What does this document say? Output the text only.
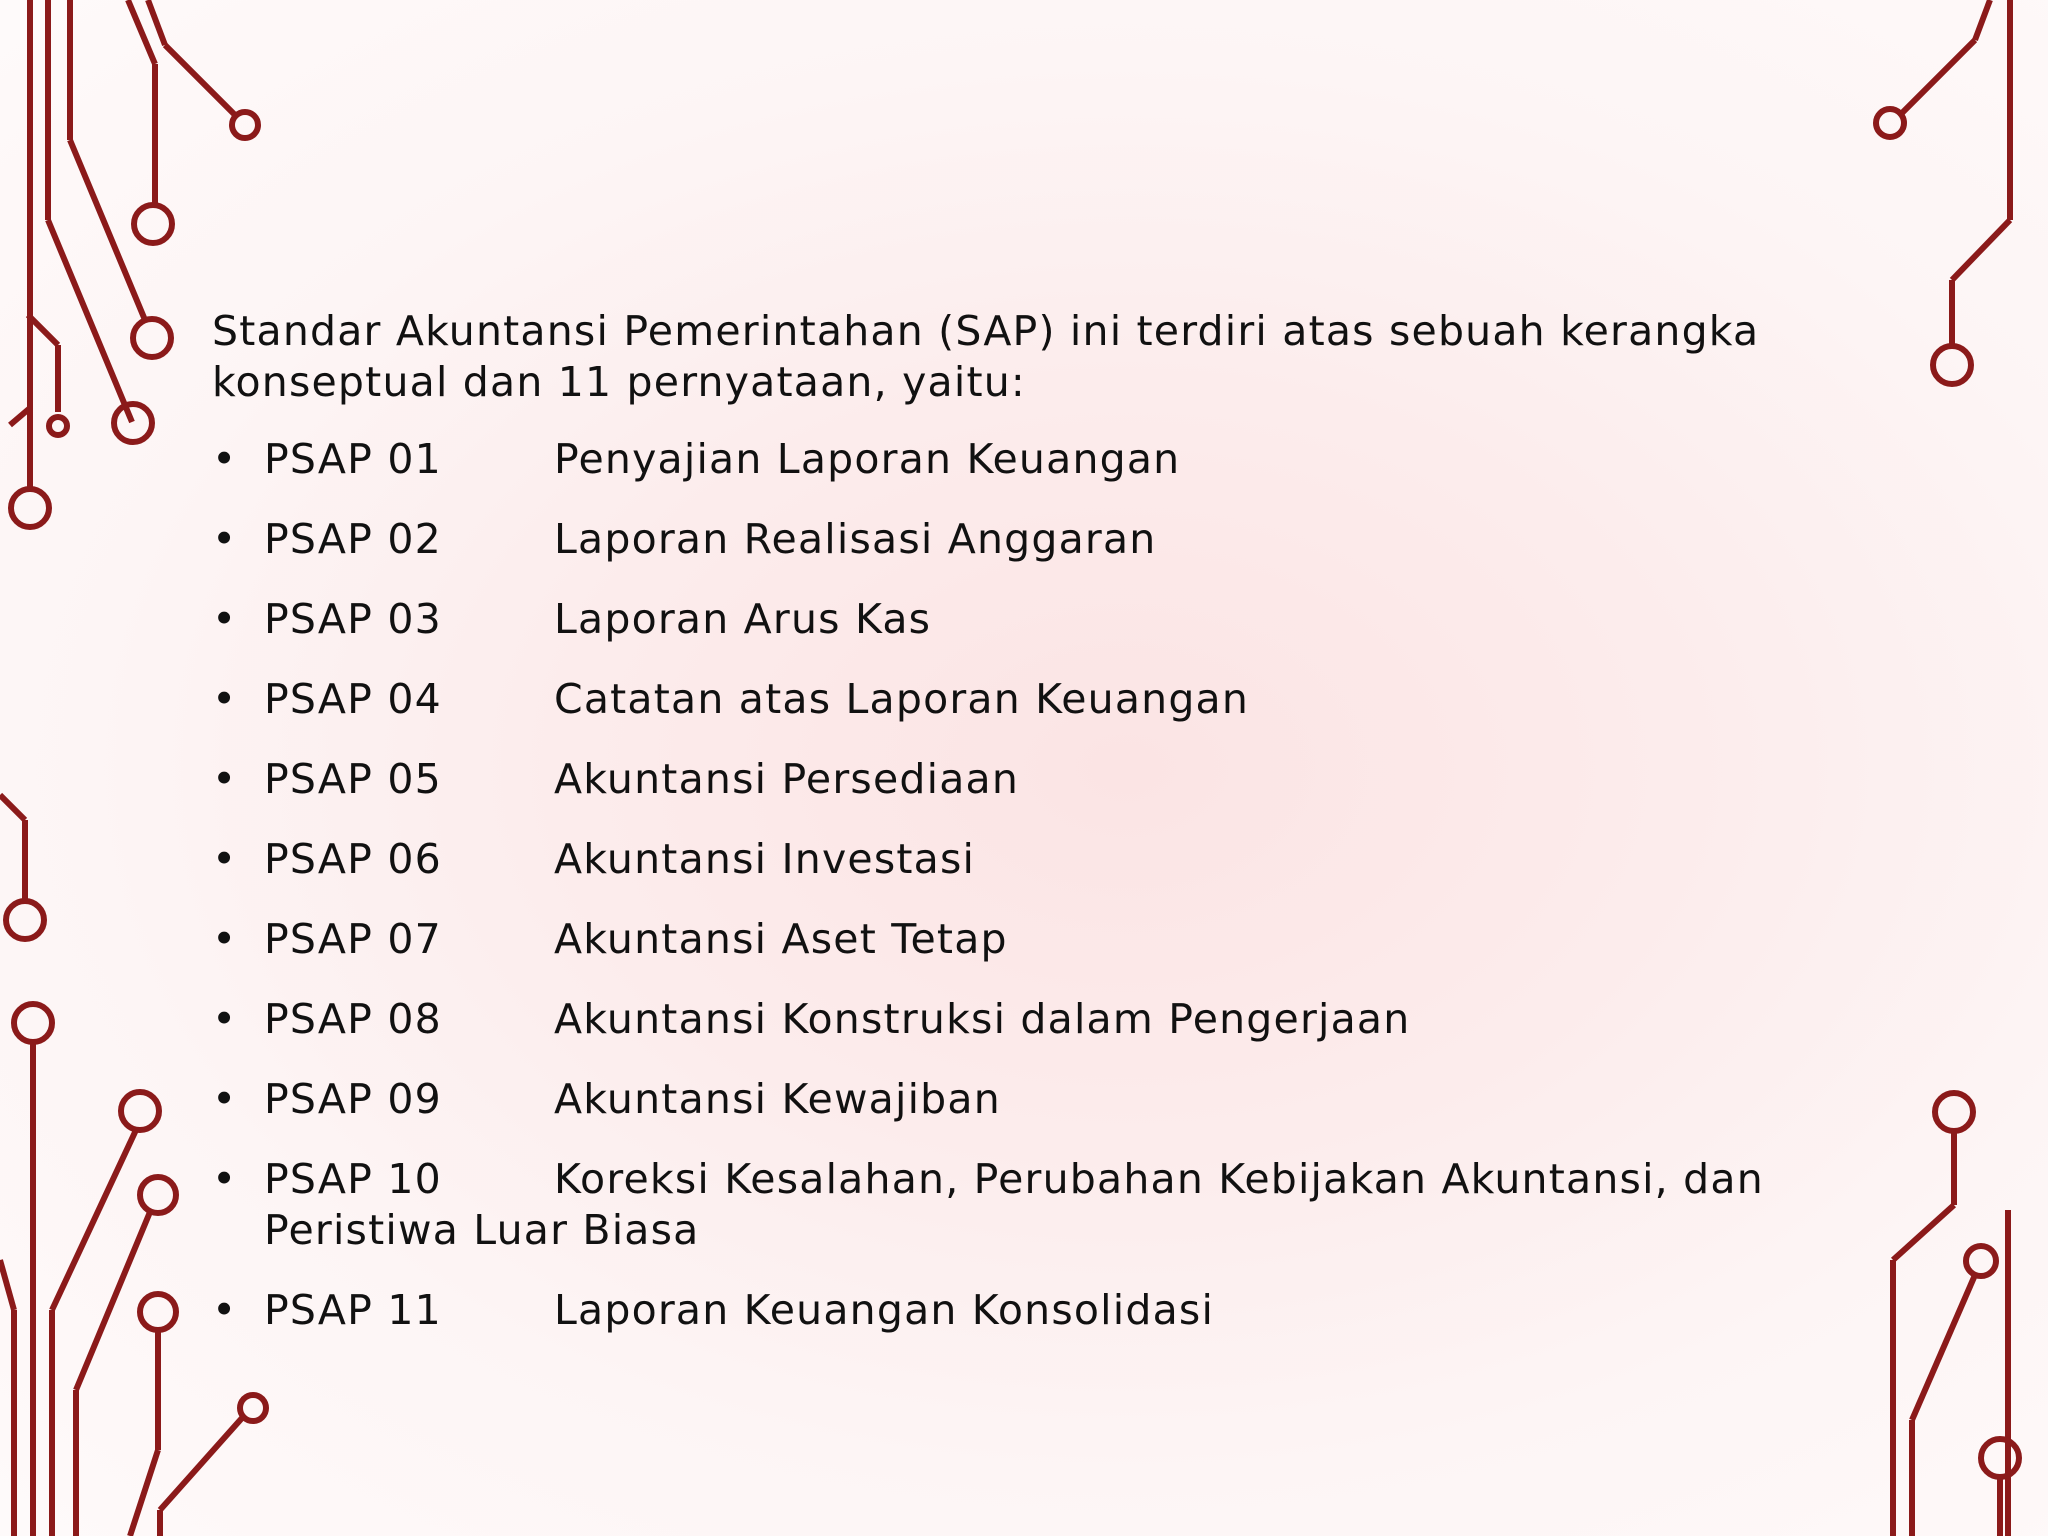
Standar Akuntansi Pemerintahan (SAP) ini terdiri atas sebuah kerangka konseptual dan 11 pernyataan, yaitu:

• PSAP 01	Penyajian Laporan Keuangan
• PSAP 02	Laporan Realisasi Anggaran
• PSAP 03	Laporan Arus Kas
• PSAP 04	Catatan atas Laporan Keuangan
• PSAP 05	Akuntansi Persediaan
• PSAP 06	Akuntansi Investasi
• PSAP 07	Akuntansi Aset Tetap
• PSAP 08	Akuntansi Konstruksi dalam Pengerjaan
• PSAP 09	Akuntansi Kewajiban
• PSAP 10	Koreksi Kesalahan, Perubahan Kebijakan Akuntansi, dan Peristiwa Luar Biasa
• PSAP 11	Laporan Keuangan Konsolidasi
